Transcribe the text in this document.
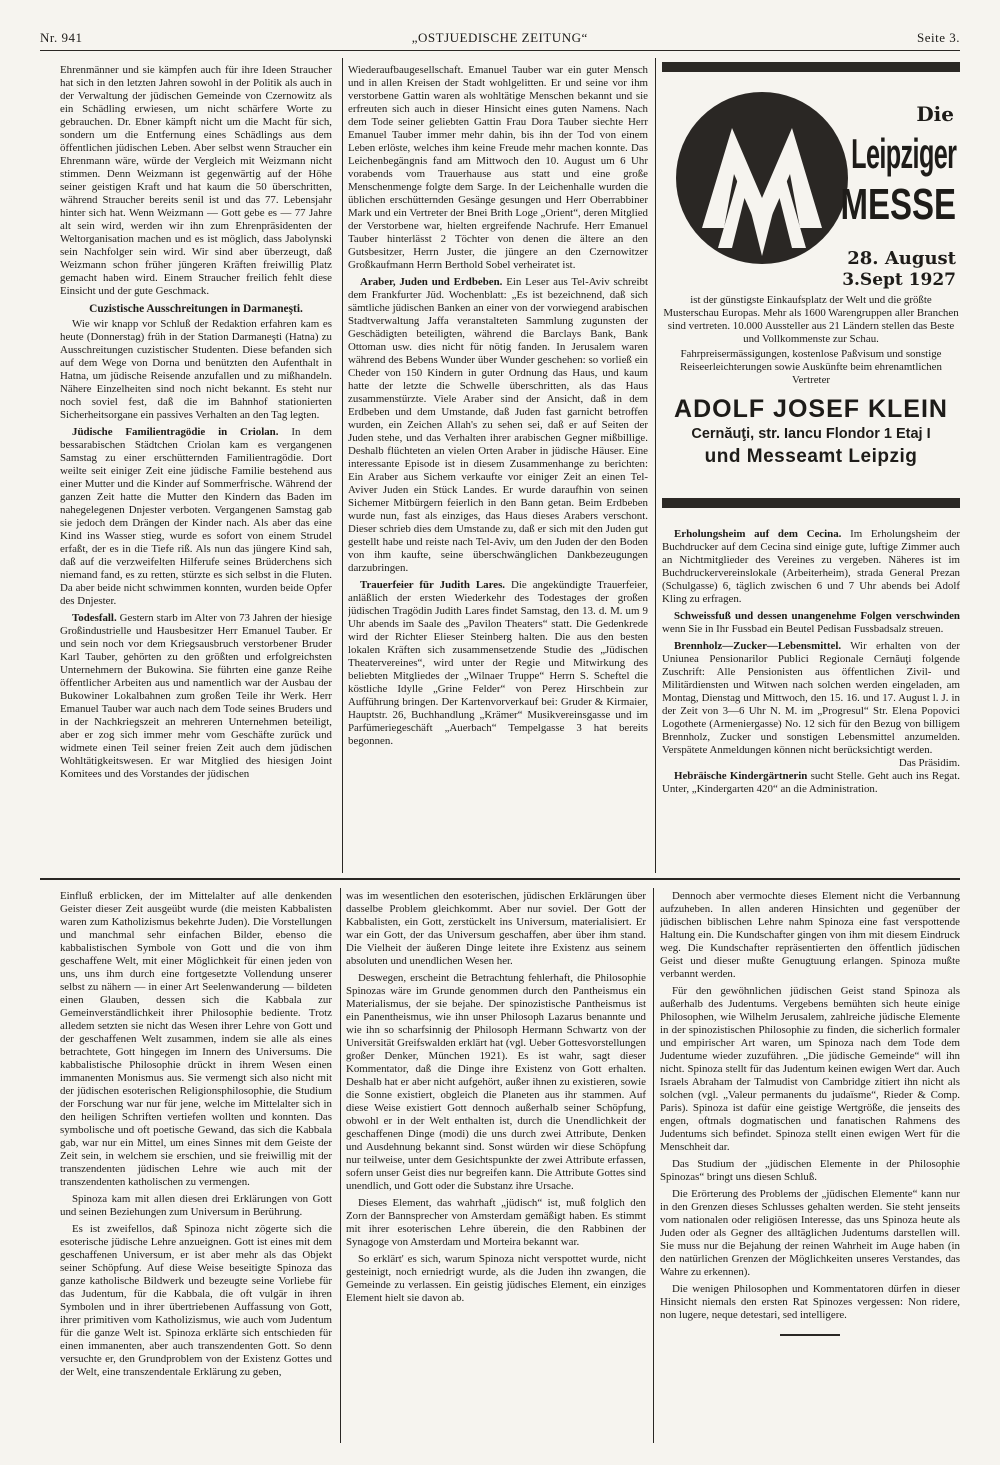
Nr. 941	„OSTJUEDISCHE ZEITUNG“	Seite 3.

Ehrenmänner und sie kämpfen auch für ihre Ideen Straucher hat sich in den letzten Jahren sowohl in der Politik als auch in der Verwaltung der jüdischen Gemeinde von Czernowitz als ein Schädling erwiesen, um nicht schärfere Worte zu gebrauchen. Dr. Ebner kämpft nicht um die Macht für sich, sondern um die Entfernung eines Schädlings aus dem öffentlichen jüdischen Leben. Aber selbst wenn Straucher ein Ehrenmann wäre, würde der Vergleich mit Weizmann nicht stimmen. Denn Weizmann ist gegenwärtig auf der Höhe seiner geistigen Kraft und hat kaum die 50 überschritten, während Straucher bereits senil ist und das 77. Lebensjahr hinter sich hat. Wenn Weizmann — Gott gebe es — 77 Jahre alt sein wird, werden wir ihn zum Ehrenpräsidenten der Weltorganisation machen und es ist möglich, dass Jabolynski sein Nachfolger sein wird. Wir sind aber überzeugt, daß Weizmann schon früher jüngeren Kräften freiwillig Platz gemacht haben wird. Einem Straucher freilich fehlt diese Einsicht und der gute Geschmack.

Cuzistische Ausschreitungen in Darmaneşti.

Wie wir knapp vor Schluß der Redaktion erfahren kam es heute (Donnerstag) früh in der Station Darmaneşti (Hatna) zu Ausschreitungen cuzistischer Studenten. Diese befanden sich auf dem Wege von Dorna und benützten den Aufenthalt in Hatna, um jüdische Reisende anzufallen und zu mißhandeln. Nähere Einzelheiten sind noch nicht bekannt. Es steht nur noch soviel fest, daß die im Bahnhof stationierten Sicherheitsorgane ein passives Verhalten an den Tag legten.

Jüdische Familientragödie in Criolan. In dem bessarabischen Städtchen Criolan kam es vergangenen Samstag zu einer erschütternden Familientragödie. Dort weilte seit einiger Zeit eine jüdische Familie bestehend aus einer Mutter und die Kinder auf Sommerfrische. Während der ganzen Zeit hatte die Mutter den Kindern das Baden im nahegelegenen Dnjester verboten. Vergangenen Samstag gab sie jedoch dem Drängen der Kinder nach. Als aber das eine Kind ins Wasser stieg, wurde es sofort von einem Strudel erfaßt, der es in die Tiefe riß. Als nun das jüngere Kind sah, daß auf die verzweifelten Hilferufe seines Brüderchens sich niemand fand, es zu retten, stürzte es sich selbst in die Fluten. Da aber beide nicht schwimmen konnten, wurden beide Opfer des Dnjester.

Todesfall. Gestern starb im Alter von 73 Jahren der hiesige Großindustrielle und Hausbesitzer Herr Emanuel Tauber. Er und sein noch vor dem Kriegsausbruch verstorbener Bruder Karl Tauber, gehörten zu den größten und erfolgreichsten Unternehmern der Bukowina. Sie führten eine ganze Reihe öffentlicher Arbeiten aus und namentlich war der Ausbau der Bukowiner Lokalbahnen zum großen Teile ihr Werk. Herr Emanuel Tauber war auch nach dem Tode seines Bruders und in der Nachkriegszeit an mehreren Unternehmen beteiligt, aber er zog sich immer mehr vom Geschäfte zurück und widmete einen Teil seiner freien Zeit auch dem jüdischen Wohltätigkeitswesen. Er war Mitglied des hiesigen Joint Komitees und des Vorstandes der jüdischen

Wiederaufbaugesellschaft. Emanuel Tauber war ein guter Mensch und in allen Kreisen der Stadt wohlgelitten. Er und seine vor ihm verstorbene Gattin waren als wohltätige Menschen bekannt und sie erfreuten sich auch in dieser Hinsicht eines guten Namens. Nach dem Tode seiner geliebten Gattin Frau Dora Tauber siechte Herr Emanuel Tauber immer mehr dahin, bis ihn der Tod von einem Leben erlöste, welches ihm keine Freude mehr machen konnte. Das Leichenbegängnis fand am Mittwoch den 10. August um 6 Uhr vorabends vom Trauerhause aus statt und eine große Menschenmenge folgte dem Sarge. In der Leichenhalle wurden die üblichen erschütternden Gesänge gesungen und Herr Oberrabbiner Mark und ein Vertreter der Bnei Brith Loge „Orient“, deren Mitglied der Verstorbene war, hielten ergreifende Nachrufe. Herr Emanuel Tauber hinterlässt 2 Töchter von denen die ältere an den Gutsbesitzer, Herrn Juster, die jüngere an den Czernowitzer Großkaufmann Herrn Berthold Sobel verheiratet ist.

Araber, Juden und Erdbeben. Ein Leser aus Tel-Aviv schreibt dem Frankfurter Jüd. Wochenblatt: „Es ist bezeichnend, daß sich sämtliche jüdischen Banken an einer von der vorwiegend arabischen Stadtverwaltung Jaffa veranstalteten Sammlung zugunsten der Geschädigten beteiligten, während die Barclays Bank, Bank Ottoman usw. dies nicht für nötig fanden. In Jerusalem waren während des Bebens Wunder über Wunder geschehen: so vorließ ein Cheder von 150 Kindern in guter Ordnung das Haus, und kaum hatte der letzte die Schwelle überschritten, als das Haus zusammenstürzte. Viele Araber sind der Ansicht, daß in dem Erdbeben und dem Umstande, daß Juden fast garnicht betroffen wurden, ein Zeichen Allah's zu sehen sei, daß er auf Seiten der Juden stehe, und das Verhalten ihrer arabischen Gegner mißbillige. Deshalb flüchteten an vielen Orten Araber in jüdische Häuser. Eine interessante Episode ist in diesem Zusammenhange zu berichten: Ein Araber aus Sichem verkaufte vor einiger Zeit an einen Tel-Aviver Juden ein Stück Landes. Er wurde daraufhin von seinen Sichemer Mitbürgern feierlich in den Bann getan. Beim Erdbeben wurde nun, fast als einziges, das Haus dieses Arabers verschont. Dieser schrieb dies dem Umstande zu, daß er sich mit den Juden gut gestellt habe und reiste nach Tel-Aviv, um den Juden der den Boden von ihm kaufte, seine überschwänglichen Dankbezeugungen darzubringen.

Trauerfeier für Judith Lares. Die angekündigte Trauerfeier, anläßlich der ersten Wiederkehr des Todestages der großen jüdischen Tragödin Judith Lares findet Samstag, den 13. d. M. um 9 Uhr abends im Saale des „Pavilon Theaters“ statt. Die Gedenkrede wird der Richter Elieser Steinberg halten. Die aus den besten lokalen Kräften sich zusammensetzende Studie des „Jüdischen Theatervereines“, wird unter der Regie und Mitwirkung des beliebten Mitgliedes der „Wilnaer Truppe“ Herrn S. Scheftel die köstliche Idylle „Grine Felder“ von Perez Hirschbein zur Aufführung bringen. Der Kartenvorverkauf bei: Gruder & Kirmaier, Hauptstr. 26, Buchhandlung „Krämer“ Musikvereinsgasse und im Parfümeriegeschäft „Auerbach“ Tempelgasse 3 hat bereits begonnen.

Die
Leipziger
MESSE
28. August
3.Sept 1927

ist der günstigste Einkaufsplatz der Welt und die größte Musterschau Europas. Mehr als 1600 Warengruppen aller Branchen sind vertreten. 10.000 Aussteller aus 21 Ländern stellen das Beste und Vollkommenste zur Schau.

Fahrpreisermässigungen, kostenlose Paßvisum und sonstige Reiseerleichterungen sowie Auskünfte beim ehrenamtlichen Vertreter

ADOLF JOSEF KLEIN
Cernăuţi, str. Iancu Flondor 1 Etaj I
und Messeamt Leipzig

Erholungsheim auf dem Cecina. Im Erholungsheim der Buchdrucker auf dem Cecina sind einige gute, luftige Zimmer auch an Nichtmitglieder des Vereines zu vergeben. Näheres ist im Buchdruckervereinslokale (Arbeiterheim), strada General Prezan (Schulgasse) 6, täglich zwischen 6 und 7 Uhr abends bei Adolf Kling zu erfragen.

Schweissfuß und dessen unangenehme Folgen verschwinden wenn Sie in Ihr Fussbad ein Beutel Pedisan Fussbadsalz streuen.

Brennholz—Zucker—Lebensmittel. Wir erhalten von der Uniunea Pensionarilor Publici Regionale Cernăuţi folgende Zuschrift: Alle Pensionisten aus öffentlichen Zivil- und Militärdiensten und Witwen nach solchen werden eingeladen, am Montag, Dienstag und Mittwoch, den 15. 16. und 17. August l. J. in der Zeit von 3—6 Uhr N. M. im „Progresul“ Str. Elena Popovici Logothete (Armeniergasse) No. 12 sich für den Bezug von billigem Brennholz, Zucker und sonstigen Lebensmittel anzumelden. Verspätete Anmeldungen können nicht berücksichtigt werden.
Das Präsidim.

Hebräische Kindergärtnerin sucht Stelle. Geht auch ins Regat. Unter, „Kindergarten 420“ an die Administration.

Einfluß erblicken, der im Mittelalter auf alle denkenden Geister dieser Zeit ausgeübt wurde (die meisten Kabbalisten waren zum Katholizismus bekehrte Juden). Die Vorstellungen und manchmal sehr einfachen Bilder, ebenso die kabbalistischen Symbole von Gott und die von ihm geschaffene Welt, mit einer Möglichkeit für einen jeden von uns, uns ihm durch eine fortgesetzte Vollendung unserer selbst zu nähern — in einer Art Seelenwanderung — bildeten einen Glauben, dessen sich die Kabbala zur Gemeinverständlichkeit ihrer Philosophie bediente. Trotz alledem setzten sie nicht das Wesen ihrer Lehre von Gott und der geschaffenen Welt zusammen, indem sie alle als eines betrachtete, Gott hingegen im Innern des Universums. Die kabbalistische Philosophie drückt in ihrem Wesen einen immanenten Monismus aus. Sie vermengt sich also nicht mit der jüdischen esoterischen Religionsphilosophie, die Studium der Forschung war nur für jene, welche im Mittelalter sich in den heiligen Schriften vertiefen wollten und konnten. Das symbolische und oft poetische Gewand, das sich die Kabbala gab, war nur ein Mittel, um eines Sinnes mit dem Geiste der Zeit sein, in welchem sie erschien, und sie freiwillig mit der transzendenten jüdischen Lehre wie auch mit der transzendenten katholischen zu vermengen.

Spinoza kam mit allen diesen drei Erklärungen von Gott und seinen Beziehungen zum Universum in Berührung.

Es ist zweifellos, daß Spinoza nicht zögerte sich die esoterische jüdische Lehre anzueignen. Gott ist eines mit dem geschaffenen Universum, er ist aber mehr als das Objekt seiner Schöpfung. Auf diese Weise beseitigte Spinoza das ganze katholische Bildwerk und bezeugte seine Vorliebe für das Judentum, für die Kabbala, die oft vulgär in ihren Symbolen und in ihrer übertriebenen Auffassung von Gott, ihrer primitiven vom Katholizismus, wie auch vom Judentum für die ganze Welt ist. Spinoza erklärte sich entschieden für einen immanenten, aber auch transzendenten Gott. So denn versuchte er, den Grundproblem von der Existenz Gottes und der Welt, eine transzendentale Erklärung zu geben,

was im wesentlichen den esoterischen, jüdischen Erklärungen über dasselbe Problem gleichkommt. Aber nur soviel. Der Gott der Kabbalisten, ein Gott, zerstückelt ins Universum, materialisiert. Er war ein Gott, der das Universum geschaffen, aber über ihm stand. Die Vielheit der äußeren Dinge leitete ihre Existenz aus seinem absoluten und unendlichen Wesen her.

Deswegen, erscheint die Betrachtung fehlerhaft, die Philosophie Spinozas wäre im Grunde genommen durch den Pantheismus ein Materialismus, der sie bejahe. Der spinozistische Pantheismus ist ein Panentheismus, wie ihn unser Philosoph Lazarus benannte und wie ihn so scharfsinnig der Philosoph Hermann Schwartz von der Universität Greifswalden erklärt hat (vgl. Ueber Gottesvorstellungen großer Denker, München 1921). Es ist wahr, sagt dieser Kommentator, daß die Dinge ihre Existenz von Gott erhalten. Deshalb hat er aber nicht aufgehört, außer ihnen zu existieren, sowie die Sonne existiert, obgleich die Planeten aus ihr stammen. Auf diese Weise existiert Gott dennoch außerhalb seiner Schöpfung, obwohl er in der Welt enthalten ist, durch die Unendlichkeit der geschaffenen Dinge (modi) die uns durch zwei Attribute, Denken und Ausdehnung bekannt sind. Sonst würden wir diese Schöpfung nur teilweise, unter dem Gesichtspunkte der zwei Attribute erfassen, sofern unser Geist dies nur begreifen kann. Die Attribute Gottes sind unendlich, und Gott oder die Substanz ihre Ursache.

Dieses Element, das wahrhaft „jüdisch“ ist, muß folglich den Zorn der Bannsprecher von Amsterdam gemäßigt haben. Es stimmt mit ihrer esoterischen Lehre überein, die den Rabbinen der Synagoge von Amsterdam und Morteira bekannt war.

So erklärt' es sich, warum Spinoza nicht verspottet wurde, nicht gesteinigt, noch erniedrigt wurde, als die Juden ihn zwangen, die Gemeinde zu verlassen. Ein geistig jüdisches Element, ein einziges Element hielt sie davon ab.

Dennoch aber vermochte dieses Element nicht die Verbannung aufzuheben. In allen anderen Hinsichten und gegenüber der jüdischen biblischen Lehre nahm Spinoza eine fast verspottende Haltung ein. Die Kundschafter gingen von ihm mit diesem Eindruck weg. Die Kundschafter repräsentierten den öffentlich jüdischen Geist und dieser mußte Genugtuung erlangen. Spinoza mußte verbannt werden.

Für den gewöhnlichen jüdischen Geist stand Spinoza als außerhalb des Judentums. Vergebens bemühten sich heute einige Philosophen, wie Wilhelm Jerusalem, zahlreiche jüdische Elemente in der spinozistischen Philosophie zu finden, die sicherlich formaler und empirischer Art waren, um Spinoza nach dem Tode dem Judentume wieder zuzuführen. „Die jüdische Gemeinde“ will ihn nicht. Spinoza stellt für das Judentum keinen ewigen Wert dar. Auch Israels Abraham der Talmudist von Cambridge zitiert ihn nicht als solchen (vgl. „Valeur permanents du judaïsme“, Rieder & Comp. Paris). Spinoza ist dafür eine geistige Wertgröße, die jenseits des engen, oftmals dogmatischen und fanatischen Rahmens des Judentums sich befindet. Spinoza stellt einen ewigen Wert für die Menschheit dar.

Das Studium der „jüdischen Elemente in der Philosophie Spinozas“ bringt uns diesen Schluß.

Die Erörterung des Problems der „jüdischen Elemente“ kann nur in den Grenzen dieses Schlusses gehalten werden. Sie steht jenseits vom nationalen oder religiösen Interesse, das uns Spinoza heute als Juden oder als Gegner des alltäglichen Judentums darstellen will. Sie muss nur die Bejahung der reinen Wahrheit im Auge haben (in den natürlichen Grenzen der Möglichkeiten unseres Verstandes, das Wahre zu erkennen).

Die wenigen Philosophen und Kommentatoren dürfen in dieser Hinsicht niemals den ersten Rat Spinozes vergessen: Non ridere, non lugere, neque detestari, sed intelligere.
